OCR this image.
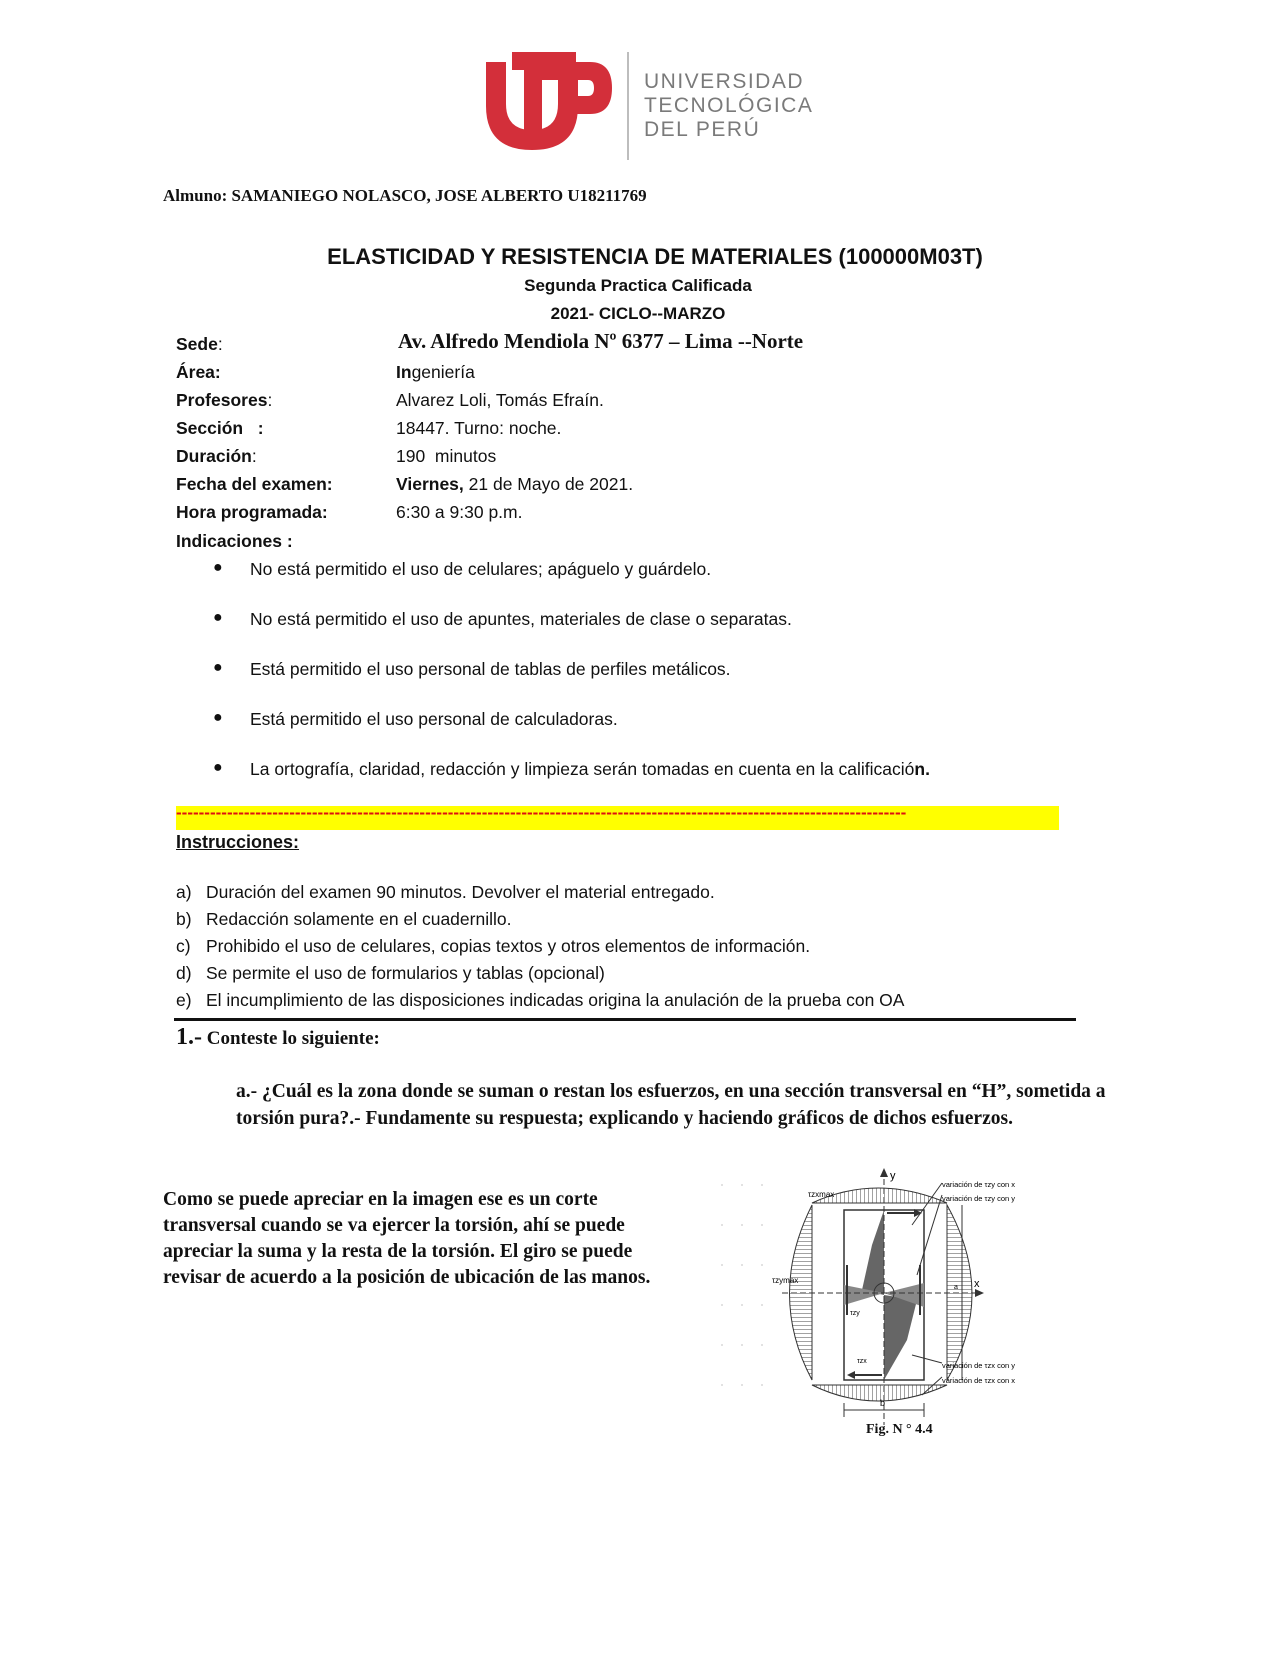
UNIVERSIDAD
TECNOLÓGICA
DEL PERÚ
Almuno: SAMANIEGO NOLASCO, JOSE ALBERTO U18211769
ELASTICIDAD Y RESISTENCIA DE MATERIALES (100000M03T)
Segunda Practica Calificada
2021- CICLO--MARZO
Sede:	Av. Alfredo Mendiola Nº 6377 – Lima --Norte
Área:	Ingeniería
Profesores:	Alvarez Loli, Tomás Efraín.
Sección   :	18447. Turno: noche.
Duración:	190  minutos
Fecha del examen:	Viernes, 21 de Mayo de 2021.
Hora programada:	6:30 a 9:30 p.m.
Indicaciones :
● No está permitido el uso de celulares; apáguelo y guárdelo.
● No está permitido el uso de apuntes, materiales de clase o separatas.
● Está permitido el uso personal de tablas de perfiles metálicos.
● Está permitido el uso personal de calculadoras.
● La ortografía, claridad, redacción y limpieza serán tomadas en cuenta en la calificación.
---------------------------------------------------------------------------------------------------------------------------------
Instrucciones:
a) Duración del examen 90 minutos. Devolver el material entregado.
b) Redacción solamente en el cuadernillo.
c) Prohibido el uso de celulares, copias textos y otros elementos de información.
d) Se permite el uso de formularios y tablas (opcional)
e) El incumplimiento de las disposiciones indicadas origina la anulación de la prueba con OA
1.- Conteste lo siguiente:
a.- ¿Cuál es la zona donde se suman o restan los esfuerzos, en una sección transversal en “H”, sometida a torsión pura?.- Fundamente su respuesta; explicando y haciendo gráficos de dichos esfuerzos.
Como se puede apreciar en la imagen ese es un corte transversal cuando se va ejercer la torsión, ahí se puede apreciar la suma y la resta de la torsión. El giro se puede revisar de acuerdo a la posición de ubicación de las manos.
y
x
a
b
τzxmax
τzymax
τzy
τzx
variación de τzy con x
variación de τzy con y
variación de τzx con y
variación de τzx con x
Fig. N ° 4.4
